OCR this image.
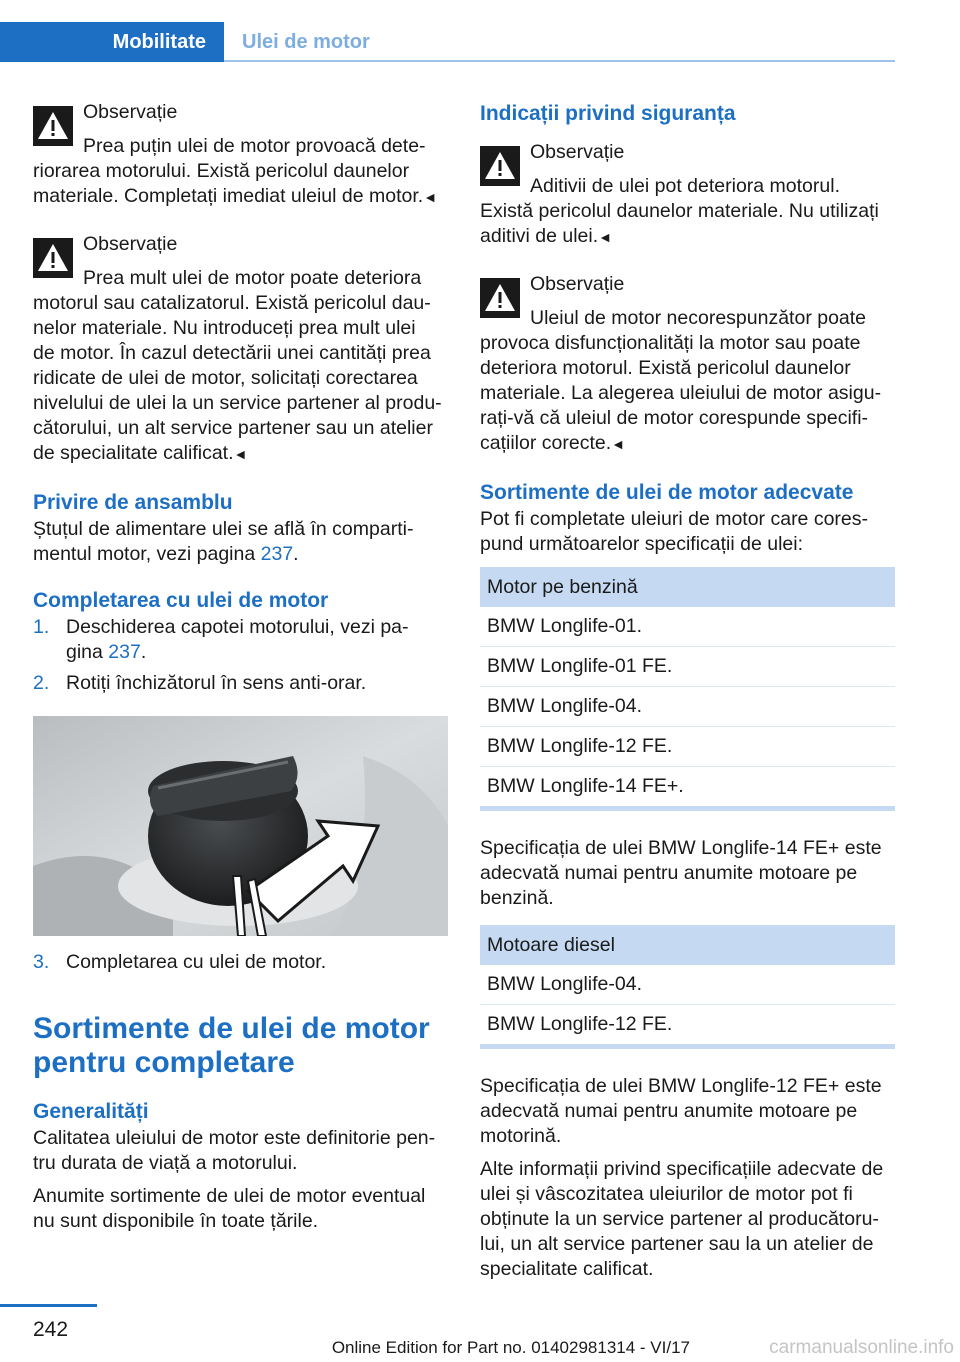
Mobilitate	Ulei de motor

Observație

Prea puțin ulei de motor provoacă dete‐

riorarea motorului. Există pericolul daunelor

materiale. Completați imediat uleiul de motor.◄

Observație

Prea mult ulei de motor poate deteriora

motorul sau catalizatorul. Există pericolul dau‐

nelor materiale. Nu introduceți prea mult ulei

de motor. În cazul detectării unei cantități prea

ridicate de ulei de motor, solicitați corectarea

nivelului de ulei la un service partener al produ‐

cătorului, un alt service partener sau un atelier

de specialitate calificat.◄

Privire de ansamblu

Ștuțul de alimentare ulei se află în comparti‐

mentul motor, vezi pagina 237.

Completarea cu ulei de motor
1. Deschiderea capotei motorului, vezi pa‐
gina 237.
2. Rotiți închizătorul în sens anti-orar.
3. Completarea cu ulei de motor.
Sortimente de ulei de motor
pentru completare
Generalități

Calitatea uleiului de motor este definitorie pen‐

tru durata de viață a motorului.

Anumite sortimente de ulei de motor eventual

nu sunt disponibile în toate țările.

Indicații privind siguranța

Observație

Aditivii de ulei pot deteriora motorul.

Există pericolul daunelor materiale. Nu utilizați

aditivi de ulei.◄

Observație

Uleiul de motor necorespunzător poate

provoca disfuncționalități la motor sau poate

deteriora motorul. Există pericolul daunelor

materiale. La alegerea uleiului de motor asigu‐

rați-vă că uleiul de motor corespunde specifi‐

cațiilor corecte.◄

Sortimente de ulei de motor adecvate

Pot fi completate uleiuri de motor care cores‐

pund următoarelor specificații de ulei:

Motor pe benzină
BMW Longlife-01.
BMW Longlife-01 FE.
BMW Longlife-04.
BMW Longlife-12 FE.
BMW Longlife-14 FE+.

Specificația de ulei BMW Longlife-14 FE+ este

adecvată numai pentru anumite motoare pe

benzină.

Motoare diesel
BMW Longlife-04.
BMW Longlife-12 FE.

Specificația de ulei BMW Longlife-12 FE+ este

adecvată numai pentru anumite motoare pe

motorină.

Alte informații privind specificațiile adecvate de

ulei și vâscozitatea uleiurilor de motor pot fi

obținute la un service partener al producătoru‐

lui, un alt service partener sau la un atelier de

specialitate calificat.

242
Online Edition for Part no. 01402981314 - VI/17	carmanualsonline.info
